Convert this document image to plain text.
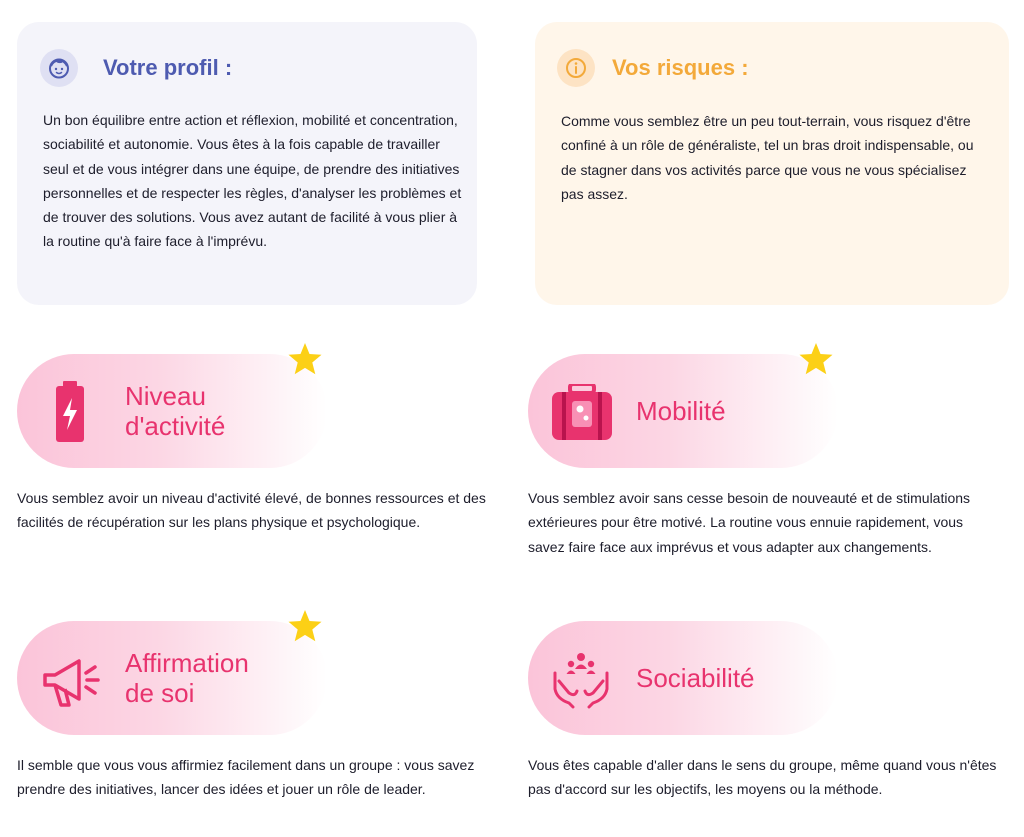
Votre profil :

Un bon équilibre entre action et réflexion, mobilité et concentration, sociabilité et autonomie. Vous êtes à la fois capable de travailler seul et de vous intégrer dans une équipe, de prendre des initiatives personnelles et de respecter les règles, d'analyser les problèmes et de trouver des solutions. Vous avez autant de facilité à vous plier à la routine qu'à faire face à l'imprévu.

Vos risques :

Comme vous semblez être un peu tout-terrain, vous risquez d'être confiné à un rôle de généraliste, tel un bras droit indispensable, ou de stagner dans vos activités parce que vous ne vous spécialisez pas assez.

Niveau
d'activité

Vous semblez avoir un niveau d'activité élevé, de bonnes ressources et des facilités de récupération sur les plans physique et psychologique.

Mobilité

Vous semblez avoir sans cesse besoin de nouveauté et de stimulations extérieures pour être motivé. La routine vous ennuie rapidement, vous savez faire face aux imprévus et vous adapter aux changements.

Affirmation
de soi

Il semble que vous vous affirmiez facilement dans un groupe : vous savez prendre des initiatives, lancer des idées et jouer un rôle de leader.

Sociabilité

Vous êtes capable d'aller dans le sens du groupe, même quand vous n'êtes pas d'accord sur les objectifs, les moyens ou la méthode.
